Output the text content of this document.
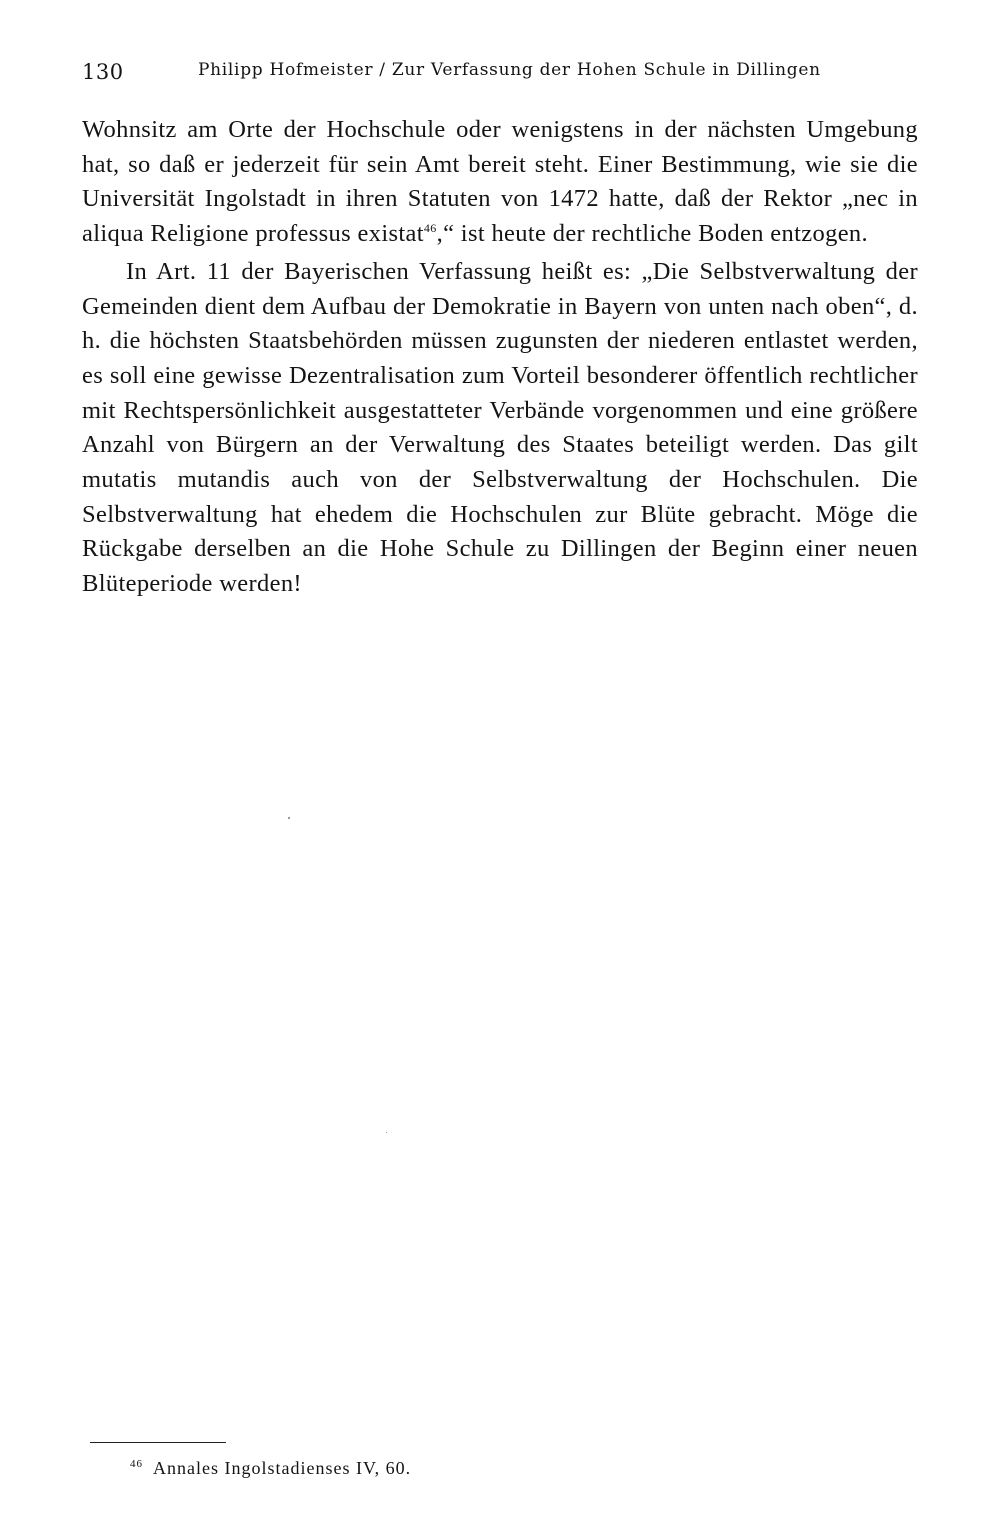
130	Philipp Hofmeister / Zur Verfassung der Hohen Schule in Dillingen

Wohnsitz am Orte der Hochschule oder wenigstens in der nächsten Umgebung hat, so daß er jederzeit für sein Amt bereit steht. Einer Bestimmung, wie sie die Universität Ingolstadt in ihren Statuten von 1472 hatte, daß der Rektor „nec in aliqua Religione professus existat$^{46}$,“ ist heute der rechtliche Boden entzogen.

In Art. 11 der Bayerischen Verfassung heißt es: „Die Selbstverwaltung der Gemeinden dient dem Aufbau der Demokratie in Bayern von unten nach oben“, d. h. die höchsten Staatsbehörden müssen zugunsten der niederen entlastet werden, es soll eine gewisse Dezentralisation zum Vorteil besonderer öffentlich rechtlicher mit Rechtspersönlichkeit ausgestatteter Verbände vorgenommen und eine größere Anzahl von Bürgern an der Verwaltung des Staates beteiligt werden. Das gilt mutatis mutandis auch von der Selbstverwaltung der Hochschulen. Die Selbstverwaltung hat ehedem die Hochschulen zur Blüte gebracht. Möge die Rückgabe derselben an die Hohe Schule zu Dillingen der Beginn einer neuen Blüteperiode werden!

$^{46}$ Annales Ingolstadienses IV, 60.
